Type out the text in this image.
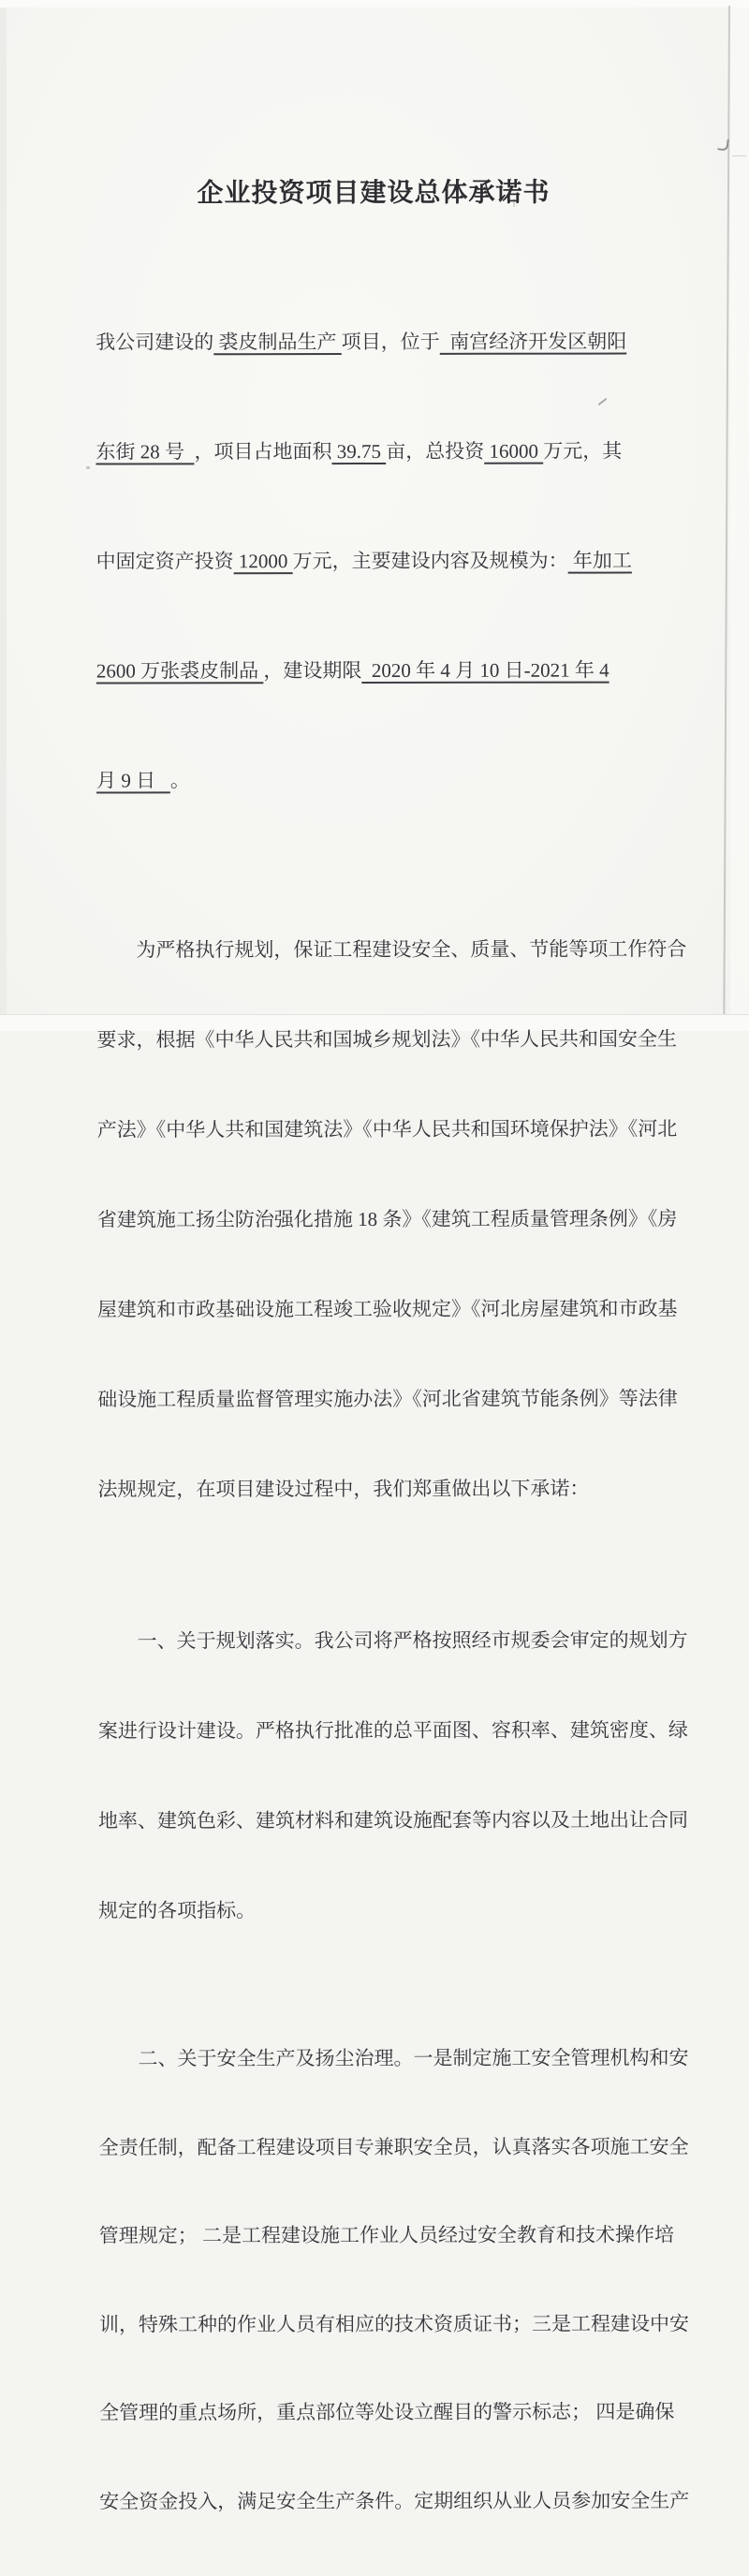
企业投资项目建设总体承诺书

我公司建设的 裘皮制品生产 项目，位于  南宫经济开发区朝阳

东街 28 号  ，项目占地面积 39.75 亩，总投资 16000 万元，其

中固定资产投资 12000 万元，主要建设内容及规模为： 年加工

2600 万张裘皮制品 ，建设期限  2020 年 4 月 10 日-2021 年 4

月 9 日   。

　　为严格执行规划，保证工程建设安全、质量、节能等项工作符合

要求，根据《中华人民共和国城乡规划法》《中华人民共和国安全生

产法》《中华人共和国建筑法》《中华人民共和国环境保护法》《河北

省建筑施工扬尘防治强化措施 18 条》《建筑工程质量管理条例》《房

屋建筑和市政基础设施工程竣工验收规定》《河北房屋建筑和市政基

础设施工程质量监督管理实施办法》《河北省建筑节能条例》等法律

法规规定，在项目建设过程中，我们郑重做出以下承诺：

　　一、关于规划落实。我公司将严格按照经市规委会审定的规划方

案进行设计建设。严格执行批准的总平面图、容积率、建筑密度、绿

地率、建筑色彩、建筑材料和建筑设施配套等内容以及土地出让合同

规定的各项指标。

　　二、关于安全生产及扬尘治理。一是制定施工安全管理机构和安

全责任制，配备工程建设项目专兼职安全员，认真落实各项施工安全

管理规定； 二是工程建设施工作业人员经过安全教育和技术操作培

训，特殊工种的作业人员有相应的技术资质证书；三是工程建设中安

全管理的重点场所，重点部位等处设立醒目的警示标志； 四是确保

安全资金投入，满足安全生产条件。定期组织从业人员参加安全生产
